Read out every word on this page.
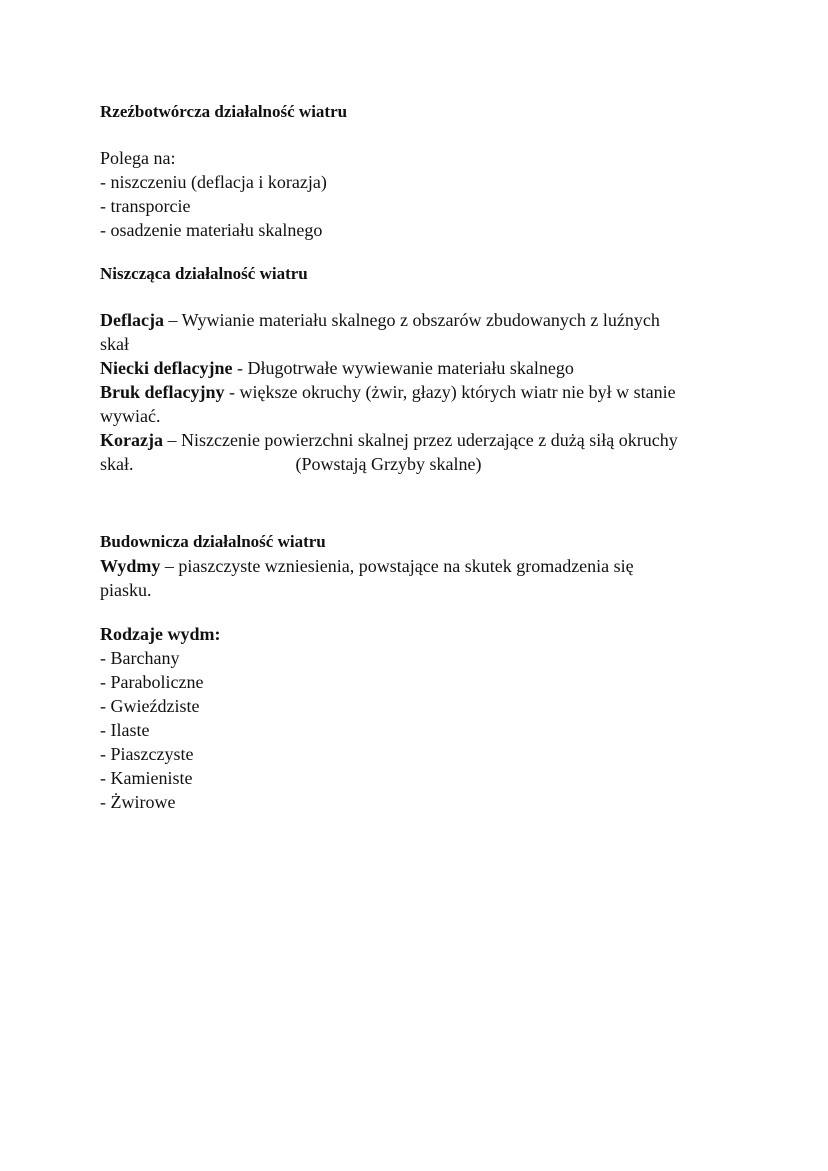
Rzeźbotwórcza działalność wiatru
Polega na:
- niszczeniu (deflacja i korazja)
- transporcie
- osadzenie materiału skalnego
Niszcząca działalność wiatru
Deflacja – Wywianie materiału skalnego z obszarów zbudowanych z luźnych
skał
Niecki deflacyjne - Długotrwałe wywiewanie materiału skalnego
Bruk deflacyjny - większe okruchy (żwir, głazy) których wiatr nie był w stanie
wywiać.
Korazja – Niszczenie powierzchni skalnej przez uderzające z dużą siłą okruchy
skał.	(Powstają Grzyby skalne)
Budownicza działalność wiatru
Wydmy – piaszczyste wzniesienia, powstające na skutek gromadzenia się
piasku.
Rodzaje wydm:
- Barchany
- Paraboliczne
- Gwieździste
- Ilaste
- Piaszczyste
- Kamieniste
- Żwirowe
